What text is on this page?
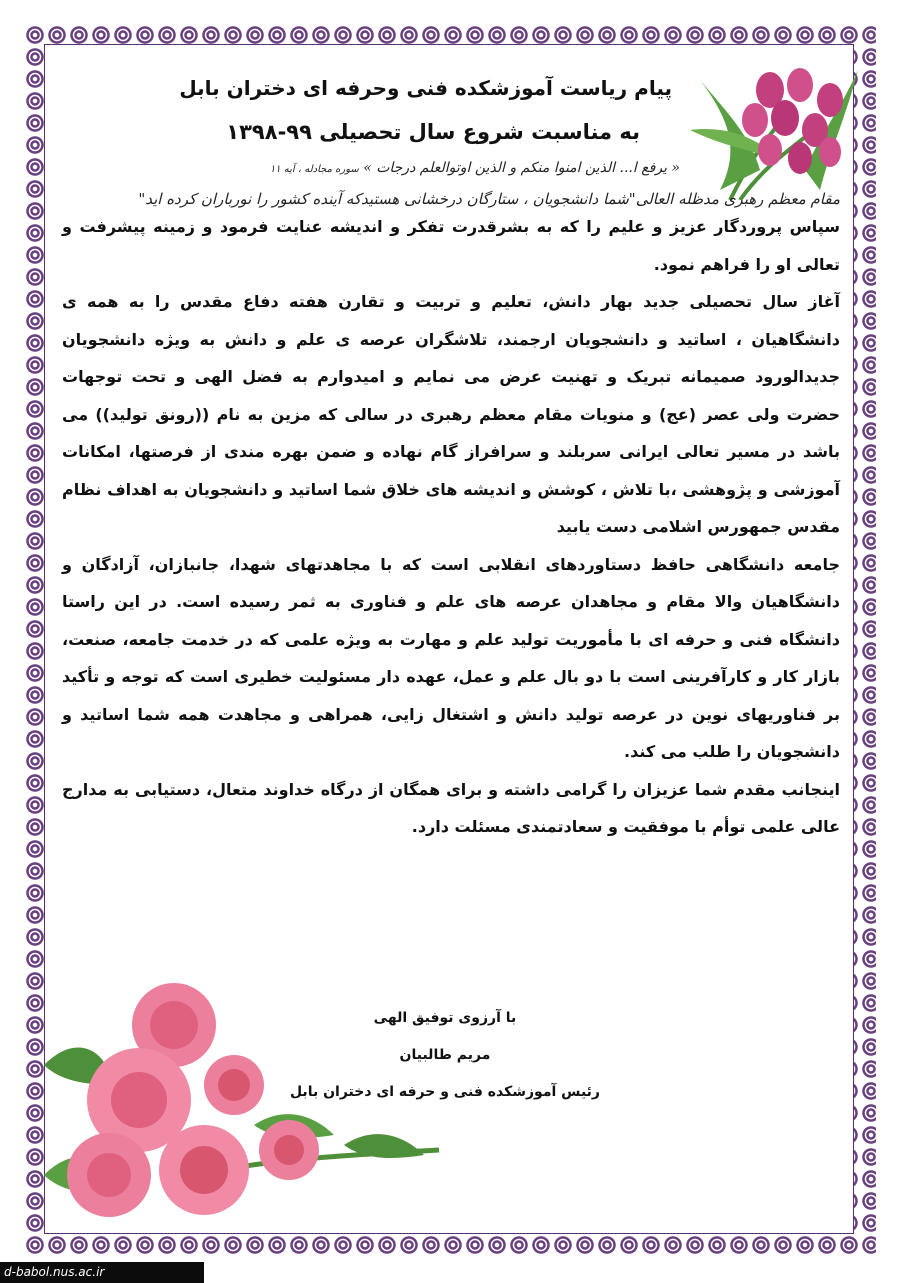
پیام ریاست آموزشکده فنی وحرفه ای دختران بابل
به مناسبت شروع سال تحصیلی ۹۹-۱۳۹۸
« یرفع ا... الذین امنوا منکم و الذین اوتوالعلم درجات » سوره مجادله ، آیه ۱۱
مقام معظم رهبری مدظله العالی"شما دانشجویان ، ستارگان درخشانی هستیدکه آینده کشور را نورباران کرده اید"

سپاس پروردگار عزیز و علیم را که به بشرقدرت تفکر و اندیشه عنایت فرمود و زمینه پیشرفت و تعالی او را فراهم نمود.

آغاز سال تحصیلی جدید بهار دانش، تعلیم و تربیت و تقارن هفته دفاع مقدس را به همه ی دانشگاهیان ، اساتید و دانشجویان ارجمند، تلاشگران عرصه ی علم و دانش به ویژه دانشجویان جدیدالورود صمیمانه تبریک و تهنیت عرض می نمایم و امیدوارم به فضل الهی و تحت توجهات حضرت ولی عصر (عج) و منویات مقام معظم رهبری در سالی که مزین به نام ((رونق تولید)) می باشد در مسیر تعالی ایرانی سربلند و سرافراز گام نهاده و ضمن بهره مندی از فرصتها، امکانات آموزشی و پژوهشی ،با تلاش ، کوشش و اندیشه های خلاق شما اساتید و دانشجویان به اهداف نظام مقدس جمهورس اشلامی دست یابید

جامعه دانشگاهی حافظ دستاوردهای انقلابی است که با مجاهدتهای شهدا، جانبازان، آزادگان و دانشگاهیان والا مقام و مجاهدان عرصه های علم و فناوری به ثمر رسیده است. در این راستا دانشگاه فنی و حرفه ای با مأموریت تولید علم و مهارت به ویژه علمی که در خدمت جامعه، صنعت، بازار کار و کارآفرینی است با دو بال علم و عمل، عهده دار مسئولیت خطیری است که توجه و تأکید بر فناوریهای نوین در عرصه تولید دانش و اشتغال زایی، همراهی و مجاهدت همه شما اساتید و دانشجویان را طلب می کند.

اینجانب مقدم شما عزیزان را گرامی داشته و برای همگان از درگاه خداوند متعال، دستیابی به مدارج عالی علمی توأم با موفقیت و سعادتمندی مسئلت دارد.

با آرزوی توفیق الهی
مریم طالبیان
رئیس آموزشکده فنی و حرفه ای دختران بابل
d-babol.nus.ac.ir
